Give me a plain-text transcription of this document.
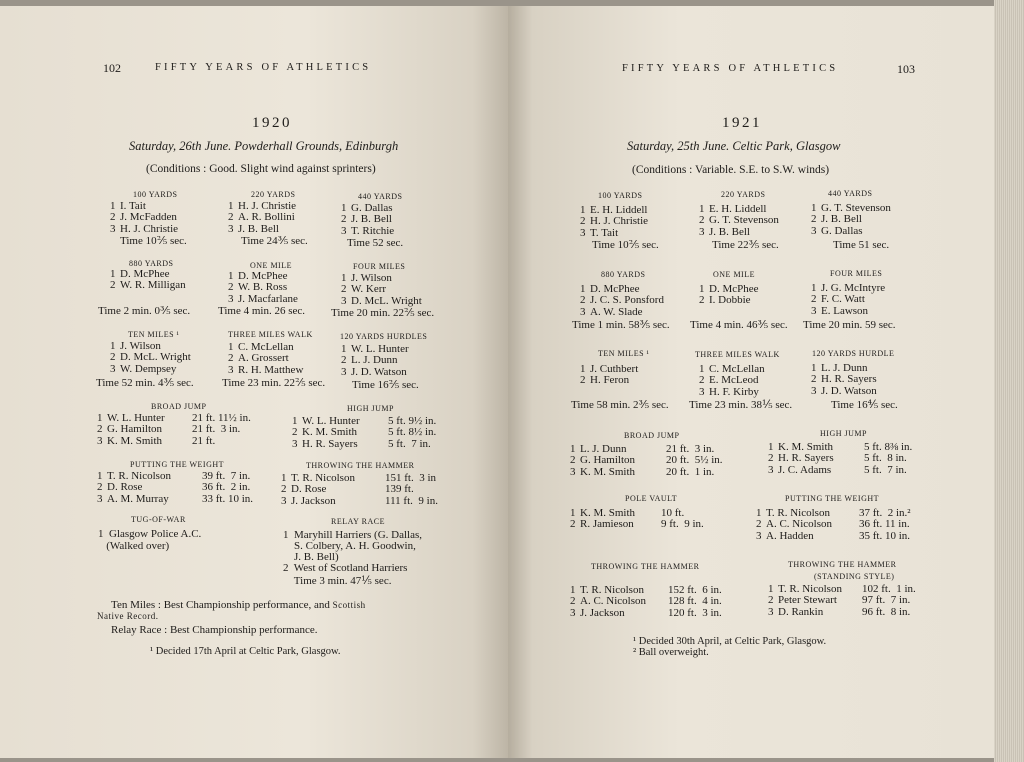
102	FIFTY YEARS OF ATHLETICS
1920
Saturday, 26th June. Powderhall Grounds, Edinburgh
(Conditions : Good. Slight wind against sprinters)
FIFTY YEARS OF ATHLETICS	103
1921
Saturday, 25th June. Celtic Park, Glasgow
(Conditions : Variable. S.E. to S.W. winds)
TUG-OF-WAR
1  Glasgow Police A.C.
(Walked over)
RELAY RACE
1  Maryhill Harriers (G. Dallas,
S. Colbery, A. H. Goodwin,
J. B. Bell)
2  West of Scotland Harriers
Time 3 min. 47⅕ sec.
Ten Miles : Best Championship performance, and Scottish
Native Record.
Relay Race : Best Championship performance.
¹ Decided 17th April at Celtic Park, Glasgow.
¹ Decided 30th April, at Celtic Park, Glasgow.
² Ball overweight.
100 YARDS
1 I. Tait
2 J. McFadden
3 H. J. Christie
Time 10⅖ sec.
220 YARDS
1 H. J. Christie
2 A. R. Bollini
3 J. B. Bell
Time 24⅗ sec.
440 YARDS
1 G. Dallas
2 J. B. Bell
3 T. Ritchie
Time 52 sec.
880 YARDS
1 D. McPhee
2 W. R. Milligan
Time 2 min. 0⅗ sec.
ONE MILE
1 D. McPhee
2 W. B. Ross
3 J. Macfarlane
Time 4 min. 26 sec.
FOUR MILES
1 J. Wilson
2 W. Kerr
3 D. McL. Wright
Time 20 min. 22⅖ sec.
TEN MILES ¹
1 J. Wilson
2 D. McL. Wright
3 W. Dempsey
Time 52 min. 4⅗ sec.
THREE MILES WALK
1 C. McLellan
2 A. Grossert
3 R. H. Matthew
Time 23 min. 22⅖ sec.
120 YARDS HURDLES
1 W. L. Hunter
2 L. J. Dunn
3 J. D. Watson
Time 16⅖ sec.
100 YARDS
1 E. H. Liddell
2 H. J. Christie
3 T. Tait
Time 10⅖ sec.
220 YARDS
1 E. H. Liddell
2 G. T. Stevenson
3 J. B. Bell
Time 22⅗ sec.
440 YARDS
1 G. T. Stevenson
2 J. B. Bell
3 G. Dallas
Time 51 sec.
880 YARDS
1 D. McPhee
2 J. C. S. Ponsford
3 A. W. Slade
Time 1 min. 58⅗ sec.
ONE MILE
1 D. McPhee
2 I. Dobbie
Time 4 min. 46⅗ sec.
FOUR MILES
1 J. G. McIntyre
2 F. C. Watt
3 E. Lawson
Time 20 min. 59 sec.
TEN MILES ¹
1 J. Cuthbert
2 H. Feron
Time 58 min. 2⅗ sec.
THREE MILES WALK
1 C. McLellan
2 E. McLeod
3 H. F. Kirby
Time 23 min. 38⅕ sec.
120 YARDS HURDLE
1 L. J. Dunn
2 H. R. Sayers
3 J. D. Watson
Time 16⅘ sec.
BROAD JUMP
1 W. L. Hunter 21 ft. 11½ in.
2 G. Hamilton	21 ft.  3 in.
3 K. M. Smith	21 ft.
HIGH JUMP
1 W. L. Hunter	5 ft. 9½ in.
2 K. M. Smith	5 ft. 8½ in.
3 H. R. Sayers	5 ft.  7 in.
PUTTING THE WEIGHT
1 T. R. Nicolson	39 ft.  7 in.
2 D. Rose	36 ft.  2 in.
3 A. M. Murray	33 ft. 10 in.
THROWING THE HAMMER
1 T. R. Nicolson	151 ft.  3 in
2 D. Rose	139 ft.
3 J. Jackson	111 ft.  9 in.
BROAD JUMP
1 L. J. Dunn	21 ft.  3 in.
2 G. Hamilton	20 ft.  5½ in.
3 K. M. Smith	20 ft.  1 in.
HIGH JUMP
1 K. M. Smith	5 ft. 8⅜ in.
2 H. R. Sayers	5 ft.  8 in.
3 J. C. Adams	5 ft.  7 in.
POLE VAULT
1 K. M. Smith 10 ft.
2 R. Jamieson 9 ft.  9 in.
PUTTING THE WEIGHT
1 T. R. Nicolson	37 ft.  2 in.²
2 A. C. Nicolson 36 ft. 11 in.
3 A. Hadden	35 ft. 10 in.
THROWING THE HAMMER
1 T. R. Nicolson 152 ft.  6 in.
2 A. C. Nicolson 128 ft.  4 in.
3 J. Jackson	120 ft.  3 in.
THROWING THE HAMMER
(STANDING STYLE)
1 T. R. Nicolson 102 ft.  1 in.
2 Peter Stewart 97 ft.  7 in.
3 D. Rankin	96 ft.  8 in.
